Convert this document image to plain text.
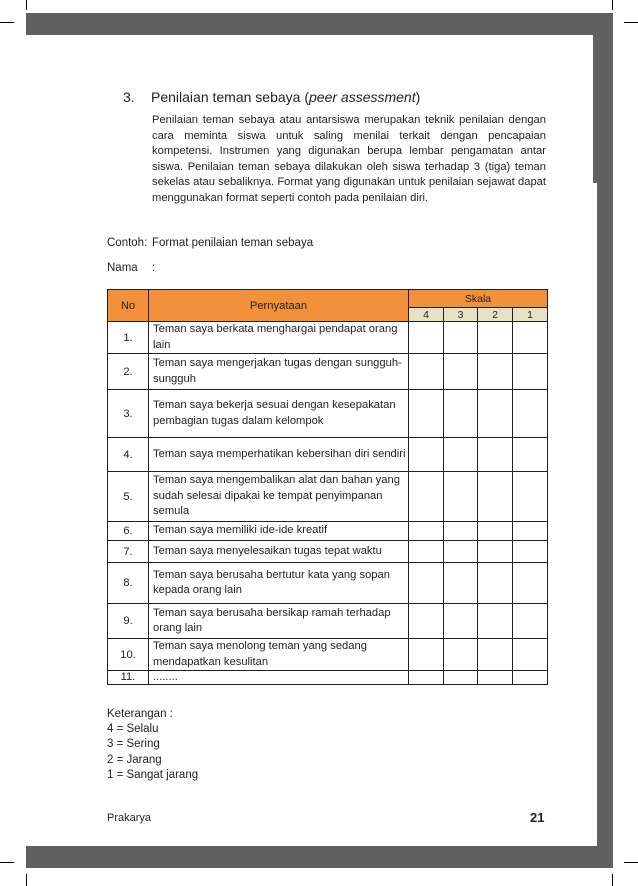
3. Penilaian teman sebaya (peer assessment)
Penilaian teman sebaya atau antarsiswa merupakan teknik penilaian dengan cara meminta siswa untuk saling menilai terkait dengan pencapaian kompetensi. Instrumen yang digunakan berupa lembar pengamatan antar siswa. Penilaian teman sebaya dilakukan oleh siswa terhadap 3 (tiga) teman sekelas atau sebaliknya. Format yang digunakan untuk penilaian sejawat dapat menggunakan format seperti contoh pada penilaian diri.
Contoh: Format penilaian teman sebaya
Nama :
No	Pernyataan	Skala			
		4	3	2	1
1.	Teman saya berkata menghargai pendapat orang lain				
2.	Teman saya mengerjakan tugas dengan sungguh-sungguh				
3.	Teman saya bekerja sesuai dengan kesepakatan pembagian tugas dalam kelompok				
4.	Teman saya memperhatikan kebersihan diri sendiri				
5.	Teman saya mengembalikan alat dan bahan yang sudah selesai dipakai ke tempat penyimpanan semula				
6.	Teman saya memiliki ide-ide kreatif				
7.	Teman saya menyelesaikan tugas tepat waktu				
8.	Teman saya berusaha bertutur kata yang sopan kepada orang lain				
9.	Teman saya berusaha bersikap ramah terhadap orang lain				
10.	Teman saya menolong teman yang sedang mendapatkan kesulitan				
11.	........				
Keterangan :
4 = Selalu
3 = Sering
2 = Jarang
1 = Sangat jarang
Prakarya	21
